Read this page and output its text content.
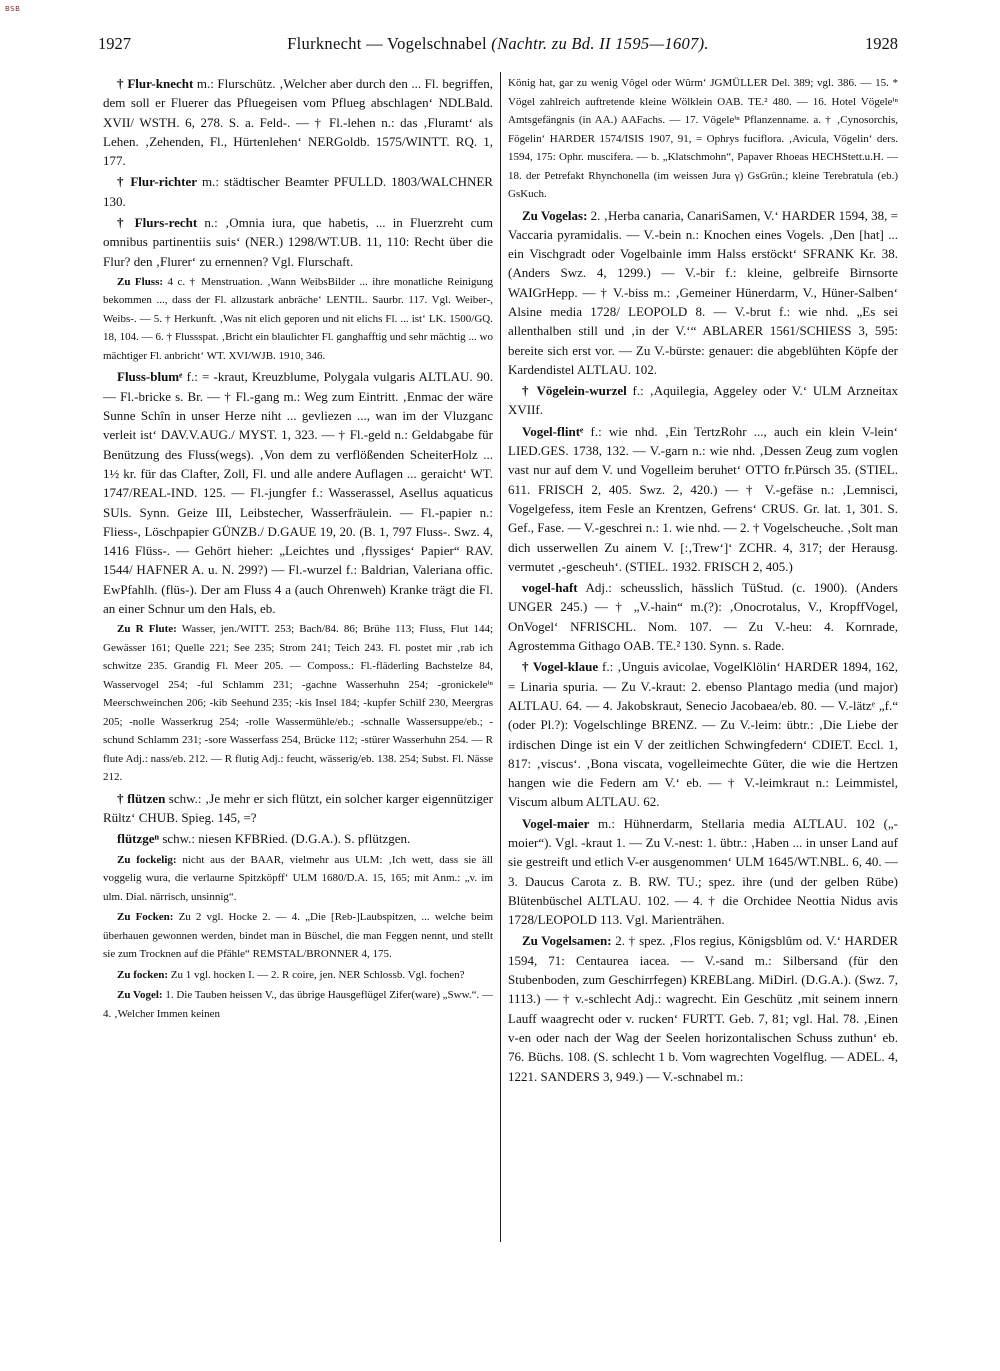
BSB
1927	Flurknecht — Vogelschnabel (Nachtr. zu Bd. II 1595—1607).	1928

† Flur-knecht m.: Flurschütz. ‚Welcher aber durch den ... Fl. begriffen, dem soll er Fluerer das Pfluegeisen vom Pflueg abschlagen‘ NDLBald. XVII/ WSTH. 6, 278. S. a. Feld-. — † Fl.-lehen n.: das ‚Fluramt‘ als Lehen. ‚Zehenden, Fl., Hürtenlehen‘ NERGoldb. 1575/WINTT. RQ. 1, 177.

† Flur-richter m.: städtischer Beamter PFULLD. 1803/WALCHNER 130.

† Flurs-recht n.: ‚Omnia iura, que habetis, ... in Fluerzreht cum omnibus partinentiis suis‘ (NER.) 1298/WT.UB. 11, 110: Recht über die Flur? den ‚Flurer‘ zu ernennen? Vgl. Flurschaft.

Zu Fluss: 4 c. † Menstruation. ‚Wann WeibsBilder ... ihre monatliche Reinigung bekommen ..., dass der Fl. allzustark anbräche‘ LENTIL. Saurbr. 117. Vgl. Weiber-, Weibs-. — 5. † Herkunft. ‚Was nit elich geporen und nit elichs Fl. ... ist‘ LK. 1500/GQ. 18, 104. — 6. † Flussspat. ‚Bricht ein blaulichter Fl. ganghafftig und sehr mächtig ... wo mächtiger Fl. anbricht‘ WT. XVI/WJB. 1910, 346.

Fluss-blumᵉ f.: = -kraut, Kreuzblume, Polygala vulgaris ALTLAU. 90. — Fl.-bricke s. Br. — † Fl.-gang m.: Weg zum Eintritt. ‚Enmac der wäre Sunne Schîn in unser Herze niht ... gevliezen ..., wan im der Vluzganc verleit ist‘ DAV.V.AUG./ MYST. 1, 323. — † Fl.-geld n.: Geldabgabe für Benützung des Fluss(wegs). ‚Von dem zu verflößenden ScheiterHolz ... 1½ kr. für das Clafter, Zoll, Fl. und alle andere Auflagen ... geraicht‘ WT. 1747/REAL-IND. 125. — Fl.-jungfer f.: Wasserassel, Asellus aquaticus SUls. Synn. Geize III, Leibstecher, Wasserfräulein. — Fl.-papier n.: Fliess-, Löschpapier GÜNZB./ D.GAUE 19, 20. (B. 1, 797 Fluss-. Swz. 4, 1416 Flüss-. — Gehört hieher: „Leichtes und ‚flyssiges‘ Papier“ RAV. 1544/ HAFNER A. u. N. 299?) — Fl.-wurzel f.: Baldrian, Valeriana offic. EwPfahlh. (flüs-). Der am Fluss 4 a (auch Ohrenweh) Kranke trägt die Fl. an einer Schnur um den Hals, eb.

Zu R Flute: Wasser, jen./WITT. 253; Bach/84. 86; Brühe 113; Fluss, Flut 144; Gewässer 161; Quelle 221; See 235; Strom 241; Teich 243. Fl. postet mir ‚rab ich schwitze 235. Grandig Fl. Meer 205. — Composs.: Fl.-fläderling Bachstelze 84, Wasservogel 254; -ful Schlamm 231; -gachne Wasserhuhn 254; -gronickeleⁱⁿ Meerschweinchen 206; -kib Seehund 235; -kis Insel 184; -kupfer Schilf 230, Meergras 205; -nolle Wasserkrug 254; -rolle Wassermühle/eb.; -schnalle Wassersuppe/eb.; -schund Schlamm 231; -sore Wasserfass 254, Brücke 112; -stürer Wasserhuhn 254. — R flute Adj.: nass/eb. 212. — R flutig Adj.: feucht, wässerig/eb. 138. 254; Subst. Fl. Nässe 212.

† flützen schw.: ‚Je mehr er sich flützt, ein solcher karger eigennütziger Rültz‘ CHUB. Spieg. 145, =?

flützgeⁿ schw.: niesen KFBRied. (D.G.A.). S. pflützgen.

Zu fockelig: nicht aus der BAAR, vielmehr aus ULM: ‚Ich wett, dass sie äll voggelig wura, die verlaurne Spitzköpff‘ ULM 1680/D.A. 15, 165; mit Anm.: „v. im ulm. Dial. närrisch, unsinnig“.

Zu Focken: Zu 2 vgl. Hocke 2. — 4. „Die [Reb-]Laubspitzen, ... welche beim überhauen gewonnen werden, bindet man in Büschel, die man Feggen nennt, und stellt sie zum Trocknen auf die Pfähle“ REMSTAL/BRONNER 4, 175.

Zu focken: Zu 1 vgl. hocken I. — 2. R coire, jen. NER Schlossb. Vgl. fochen?

Zu Vogel: 1. Die Tauben heissen V., das übrige Hausgeflügel Zifer(ware) „Sww.“. — 4. ‚Welcher Immen keinen

König hat, gar zu wenig Vôgel oder Wûrm‘ JGMÜLLER Del. 389; vgl. 386. — 15. * Vögel zahlreich auftretende kleine Wölklein OAB. TE.² 480. — 16. Hotel Vögeleⁱⁿ Amtsgefängnis (in AA.) AAFachs. — 17. Vögeleⁱⁿ Pflanzenname. a. † ‚Cynosorchis, Fögelin‘ HARDER 1574/ISIS 1907, 91, = Ophrys fuciflora. ‚Avicula, Vögelin‘ ders. 1594, 175: Ophr. muscifera. — b. „Klatschmohn“, Papaver Rhoeas HECHStett.u.H. — 18. der Petrefakt Rhynchonella (im weissen Jura γ) GsGrün.; kleine Terebratula (eb.) GsKuch.

Zu Vogelas: 2. ‚Herba canaria, CanariSamen, V.‘ HARDER 1594, 38, = Vaccaria pyramidalis. — V.-bein n.: Knochen eines Vogels. ‚Den [hat] ... ein Vischgradt oder Vogelbainle imm Halss erstöckt‘ SFRANK Kr. 38. (Anders Swz. 4, 1299.) — V.-bir f.: kleine, gelbreife Birnsorte WAIGrHepp. — † V.-biss m.: ‚Gemeiner Hünerdarm, V., Hüner-Salben‘ Alsine media 1728/ LEOPOLD 8. — V.-brut f.: wie nhd. „Es sei allenthalben still und ‚in der V.‘“ ABLARER 1561/SCHIESS 3, 595: bereite sich erst vor. — Zu V.-bürste: genauer: die abgeblühten Köpfe der Kardendistel ALTLAU. 102.

† Vögelein-wurzel f.: ‚Aquilegia, Aggeley oder V.‘ ULM Arzneitax XVIIf.

Vogel-flintᵉ f.: wie nhd. ‚Ein TertzRohr ..., auch ein klein V-lein‘ LIED.GES. 1738, 132. — V.-garn n.: wie nhd. ‚Dessen Zeug zum voglen vast nur auf dem V. und Vogelleim beruhet‘ OTTO fr.Pürsch 35. (STIEL. 611. FRISCH 2, 405. Swz. 2, 420.) — † V.-gefäse n.: ‚Lemnisci, Vogelgefess, item Fesle an Krentzen, Gefrens‘ CRUS. Gr. lat. 1, 301. S. Gef., Fase. — V.-geschrei n.: 1. wie nhd. — 2. † Vogelscheuche. ‚Solt man dich usserwellen Zu ainem V. [:‚Trew‘]‘ ZCHR. 4, 317; der Herausg. vermutet ‚-gescheuh‘. (STIEL. 1932. FRISCH 2, 405.)

vogel-haft Adj.: scheusslich, hässlich TüStud. (c. 1900). (Anders UNGER 245.) — † „V.-hain“ m.(?): ‚Onocrotalus, V., KropffVogel, OnVogel‘ NFRISCHL. Nom. 107. — Zu V.-heu: 4. Kornrade, Agrostemma Githago OAB. TE.² 130. Synn. s. Rade.

† Vogel-klaue f.: ‚Unguis avicolae, VogelKlölin‘ HARDER 1894, 162, = Linaria spuria. — Zu V.-kraut: 2. ebenso Plantago media (und major) ALTLAU. 64. — 4. Jakobskraut, Senecio Jacobaea/eb. 80. — V.-lätzᵉ „f.“ (oder Pl.?): Vogelschlinge BRENZ. — Zu V.-leim: übtr.: ‚Die Liebe der irdischen Dinge ist ein V der zeitlichen Schwingfedern‘ CDIET. Eccl. 1, 817: ‚viscus‘. ‚Bona viscata, vogelleimechte Güter, die wie die Hertzen hangen wie die Federn am V.‘ eb. — † V.-leimkraut n.: Leimmistel, Viscum album ALTLAU. 62.

Vogel-maier m.: Hühnerdarm, Stellaria media ALTLAU. 102 („-moier“). Vgl. -kraut 1. — Zu V.-nest: 1. übtr.: ‚Haben ... in unser Land auf sie gestreift und etlich V-er ausgenommen‘ ULM 1645/WT.NBL. 6, 40. — 3. Daucus Carota z. B. RW. TU.; spez. ihre (und der gelben Rübe) Blütenbüschel ALTLAU. 102. — 4. † die Orchidee Neottia Nidus avis 1728/LEOPOLD 113. Vgl. Marienträhen.

Zu Vogelsamen: 2. † spez. ‚Flos regius, Königsblûm od. V.‘ HARDER 1594, 71: Centaurea iacea. — V.-sand m.: Silbersand (für den Stubenboden, zum Geschirrfegen) KREBLang. MiDirl. (D.G.A.). (Swz. 7, 1113.) — † v.-schlecht Adj.: wagrecht. Ein Geschütz ‚mit seinem innern Lauff waagrecht oder v. rucken‘ FURTT. Geb. 7, 81; vgl. Hal. 78. ‚Einen v-en oder nach der Wag der Seelen horizontalischen Schuss zuthun‘ eb. 76. Büchs. 108. (S. schlecht 1 b. Vom wagrechten Vogelflug. — ADEL. 4, 1221. SANDERS 3, 949.) — V.-schnabel m.:
